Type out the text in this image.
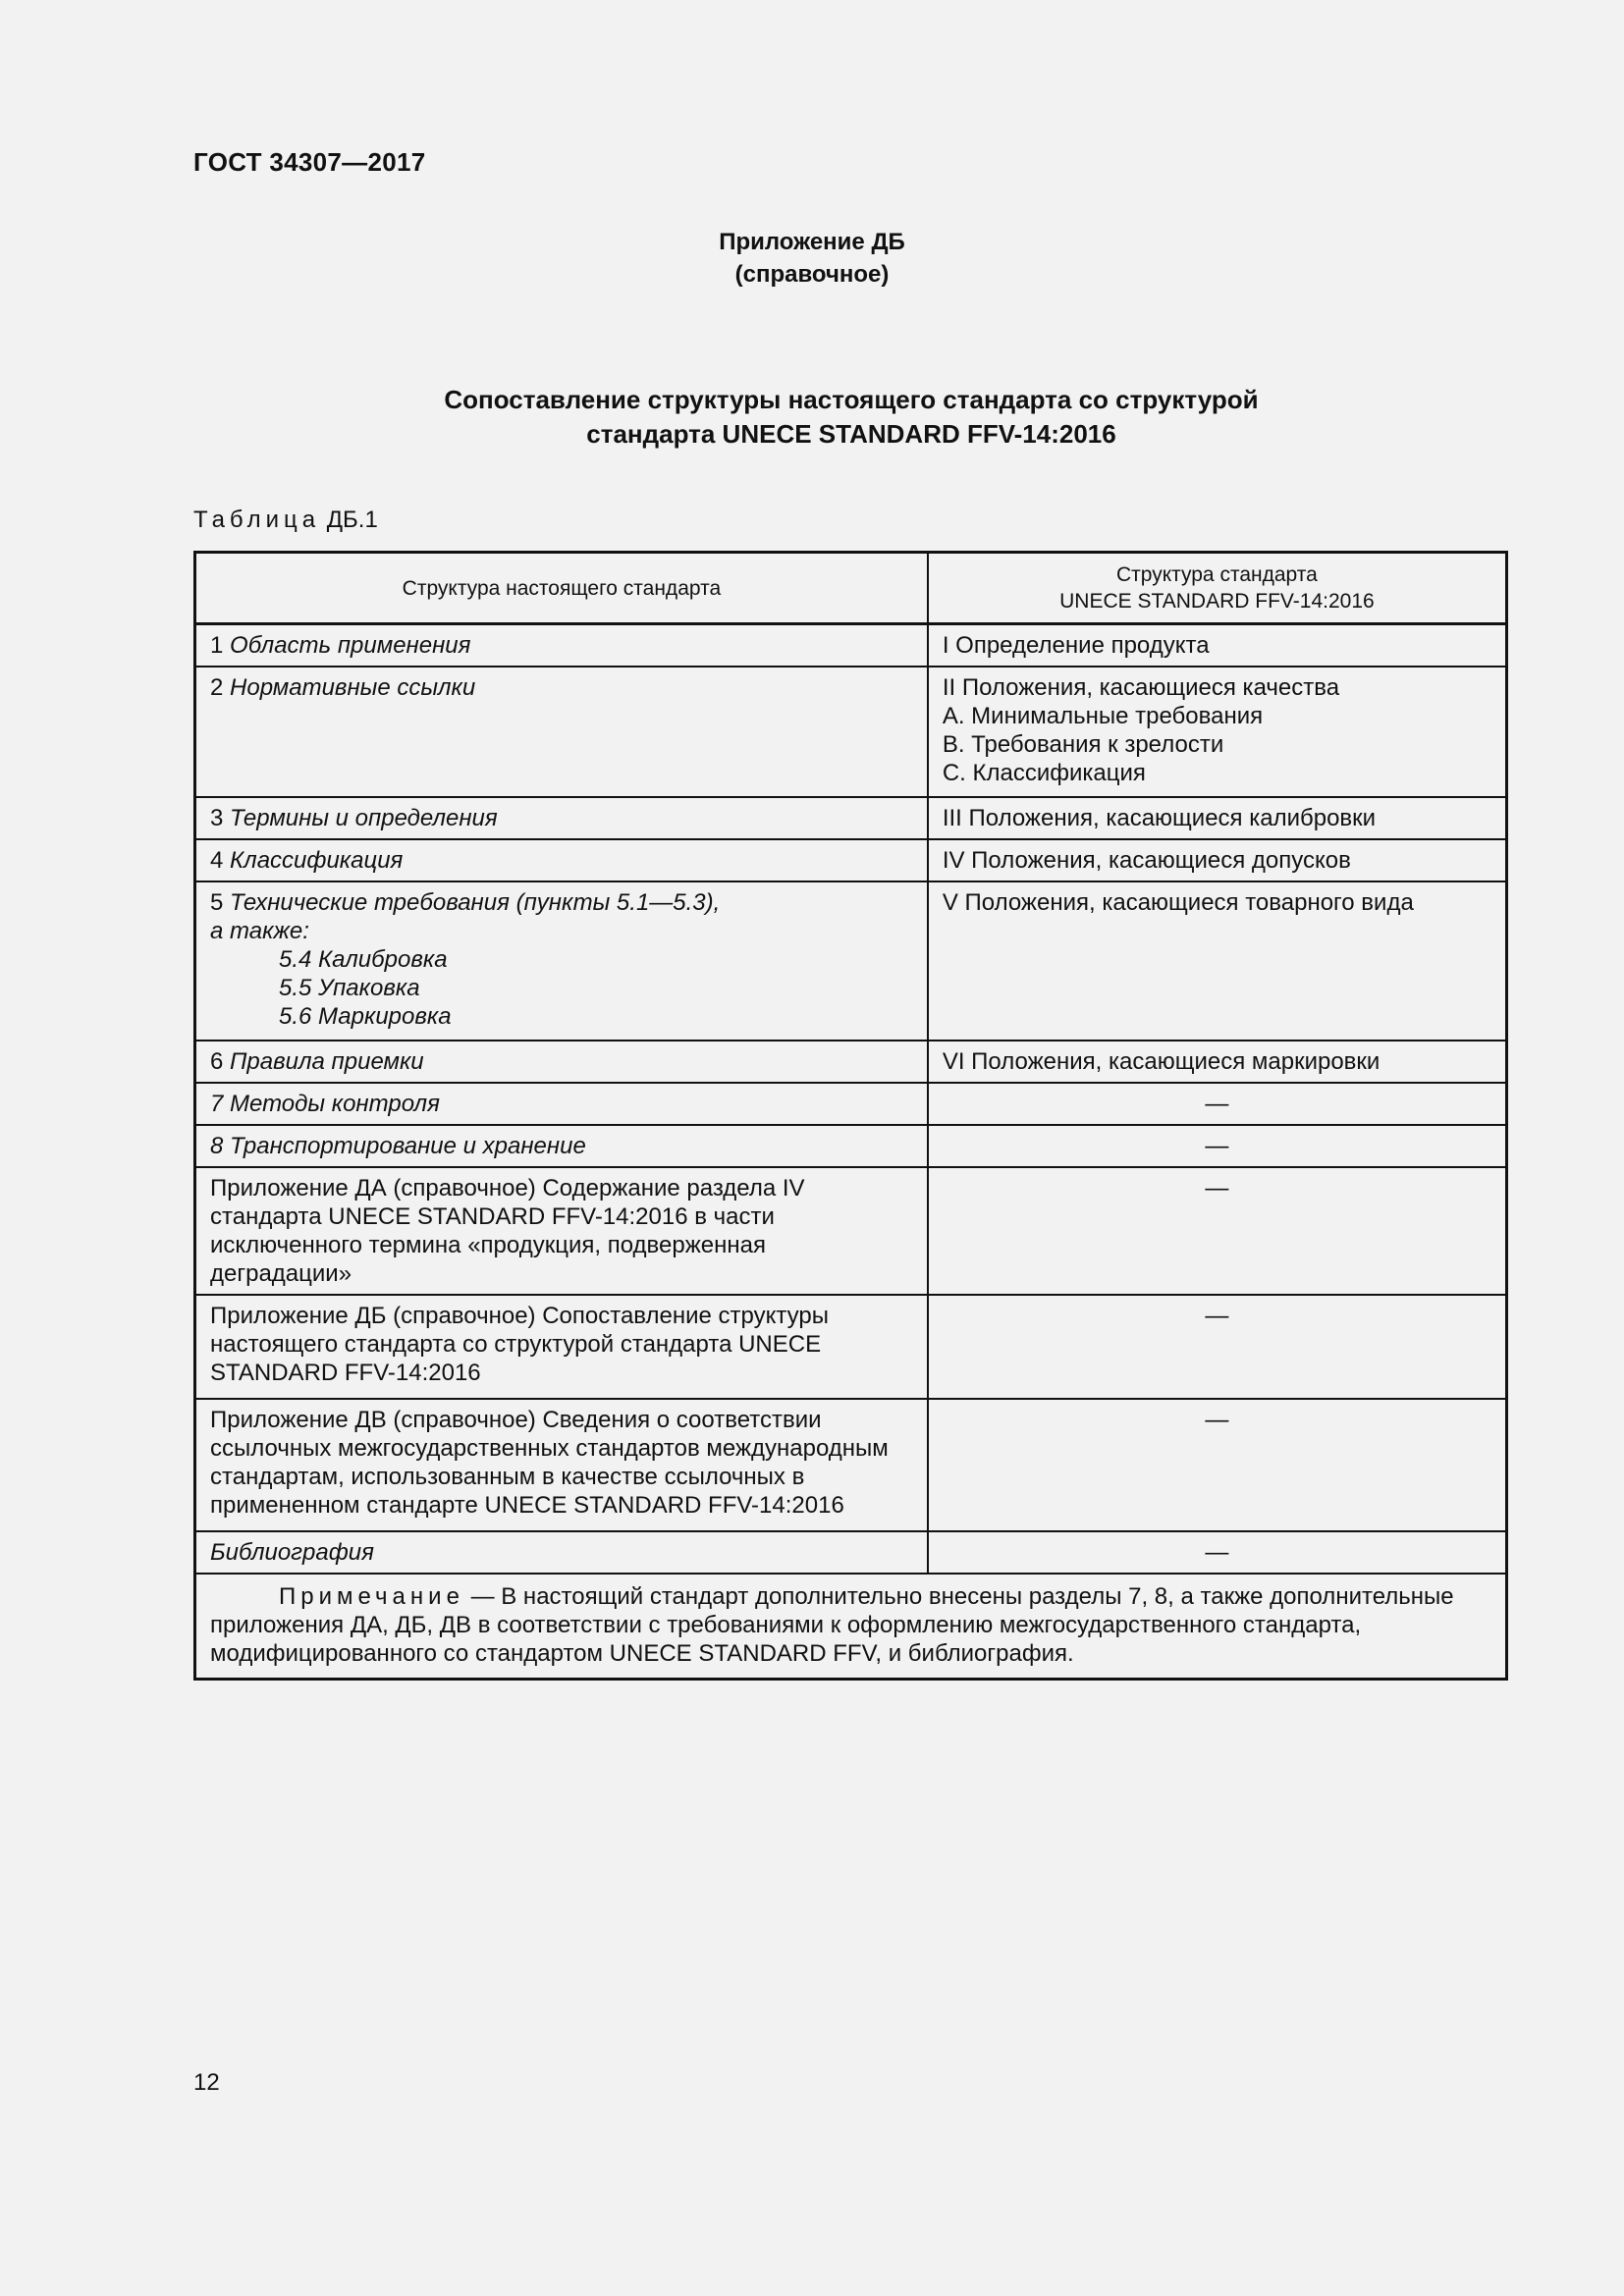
ГОСТ 34307—2017
Приложение ДБ
(справочное)
Сопоставление структуры настоящего стандарта со структурой
стандарта UNECE STANDARD FFV-14:2016
Таблица ДБ.1
Структура настоящего стандарта	Структура стандарта
UNECE STANDARD FFV-14:2016

1 Область применения	I Определение продукта
2 Нормативные ссылки	II Положения, касающиеся качества
А. Минимальные требования
В. Требования к зрелости
С. Классификация

3 Термины и определения	III Положения, касающиеся калибровки
4 Классификация	IV Положения, касающиеся допусков

5 Технические требования (пункты 5.1—5.3),
а также:
5.4 Калибровка
5.5 Упаковка
5.6 Маркировка	V Положения, касающиеся товарного вида
6 Правила приемки	VI Положения, касающиеся маркировки
7 Методы контроля	—
8 Транспортирование и хранение	—
Приложение ДА (справочное) Содержание раздела IV стандарта UNECE STANDARD FFV-14:2016 в части исключенного термина «продукция, подверженная деградации»	—
Приложение ДБ (справочное) Сопоставление структуры настоящего стандарта со структурой стандарта UNECE STANDARD FFV-14:2016	—
Приложение ДВ (справочное) Сведения о соответствии ссылочных межгосударственных стандартов международным стандартам, использованным в качестве ссылочных в примененном стандарте UNECE STANDARD FFV-14:2016	—
Библиография	—
Примечание — В настоящий стандарт дополнительно внесены разделы 7, 8, а также дополнительные приложения ДА, ДБ, ДВ в соответствии с требованиями к оформлению межгосударственного стандарта, модифицированного со стандартом UNECE STANDARD FFV, и библиография.	
12
